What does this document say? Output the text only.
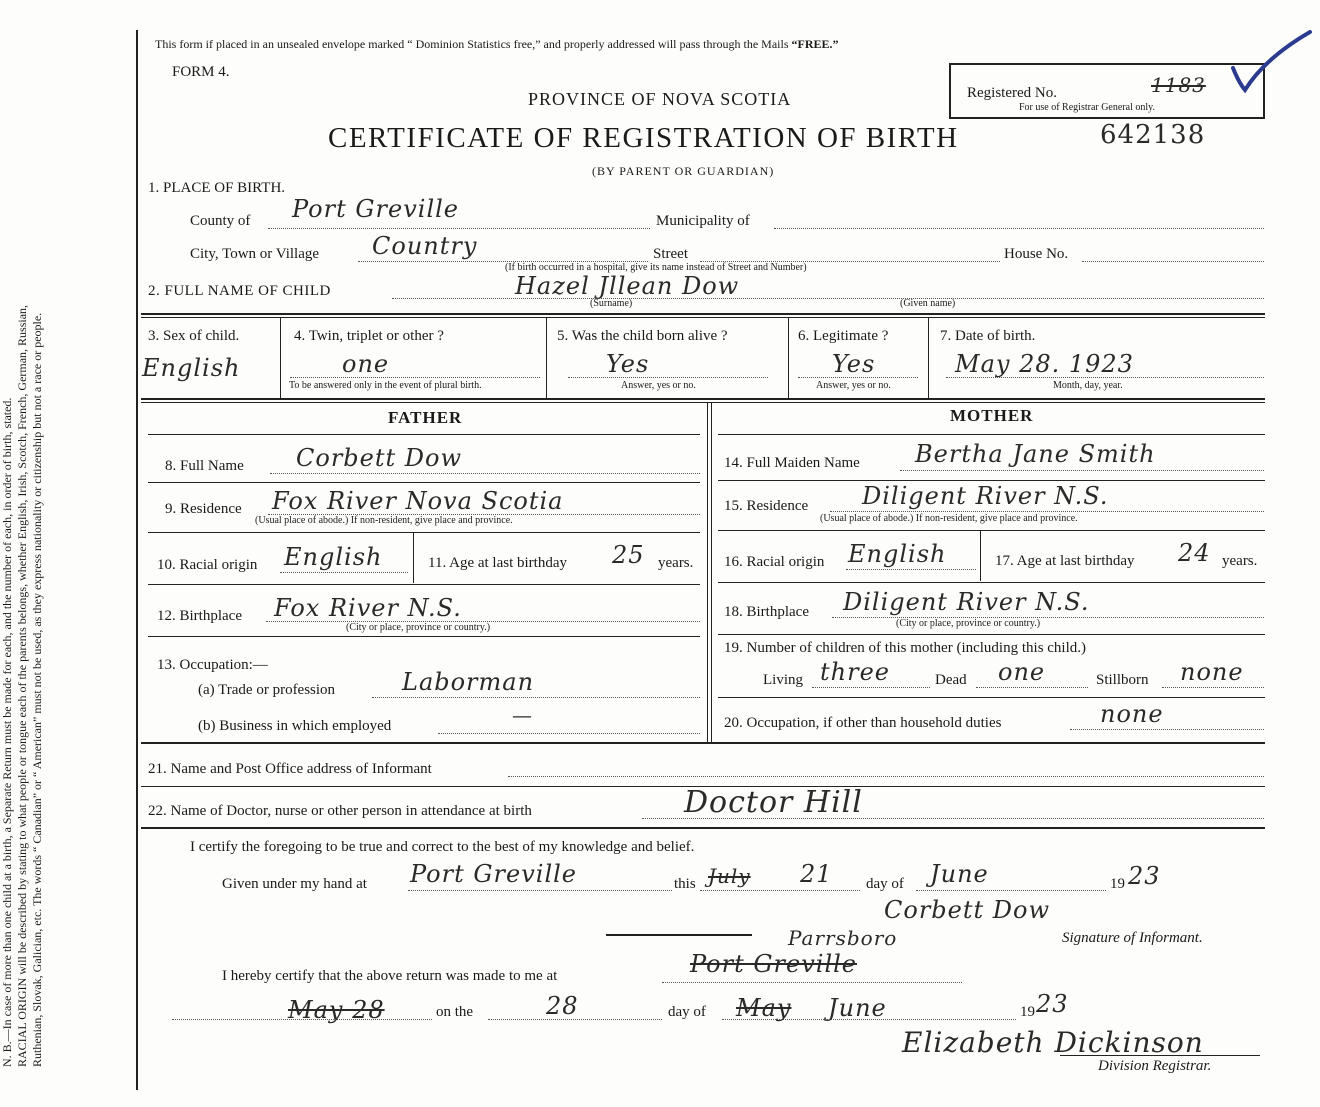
N. B.—In case of more than one child at a birth, a Separate Return must be made for each, and the number of each, in order of birth, stated. RACIAL ORIGIN will be described by stating to what people or tongue each of the parents belongs, whether English, Irish, Scotch, French, German, Russian, Ruthenian, Slovak, Galician, etc. The words “ Canadian” or “ American” must not be used, as they express nationality or citizenship but not a race or people.
This form if placed in an unsealed envelope marked “ Dominion Statistics free,” and properly addressed will pass through the Mails “FREE.”
FORM 4.
PROVINCE OF NOVA SCOTIA
CERTIFICATE OF REGISTRATION OF BIRTH	642138
(BY PARENT OR GUARDIAN)
Registered No.	1183
For use of Registrar General only.
1. PLACE OF BIRTH.
County of Port Greville	Municipality of
City, Town or Village Country	Street	House No.
(If birth occurred in a hospital, give its name instead of Street and Number)
2. FULL NAME OF CHILD	Hazel Jllean Dow
(Surname)	(Given name)
3. Sex of child.
English
4. Twin, triplet or other ?
one
To be answered only in the event of plural birth.
5. Was the child born alive ?
Yes
Answer, yes or no.
6. Legitimate ?
Yes
Answer, yes or no.
7. Date of birth.
May 28. 1923
Month, day, year.
FATHER	MOTHER
8. Full Name Corbett Dow
9. Residence Fox River Nova Scotia
(Usual place of abode.) If non-resident, give place and province.
10. Racial origin English	11. Age at last birthday 25 years.
12. Birthplace Fox River N.S.
(City or place, province or country.)
13. Occupation:—
(a) Trade or profession	Laborman
(b) Business in which employed	—
14. Full Maiden Name Bertha Jane Smith
15. Residence Diligent River N.S.
(Usual place of abode.) If non-resident, give place and province.
16. Racial origin English	17. Age at last birthday 24 years.
18. Birthplace Diligent River N.S.
(City or place, province or country.)
19. Number of children of this mother (including this child.)
Living three	Dead one	Stillborn none
20. Occupation, if other than household duties	none
21. Name and Post Office address of Informant
22. Name of Doctor, nurse or other person in attendance at birth	Doctor Hill
I certify the foregoing to be true and correct to the best of my knowledge and belief.
Given under my hand at Port Greville	this July 21 day of June	19 23
Corbett Dow
Signature of Informant.
Parrsboro
I hereby certify that the above return was made to me at	Port Greville
May 28	on the	28	day of May June	19 23
Elizabeth Dickinson
Division Registrar.
